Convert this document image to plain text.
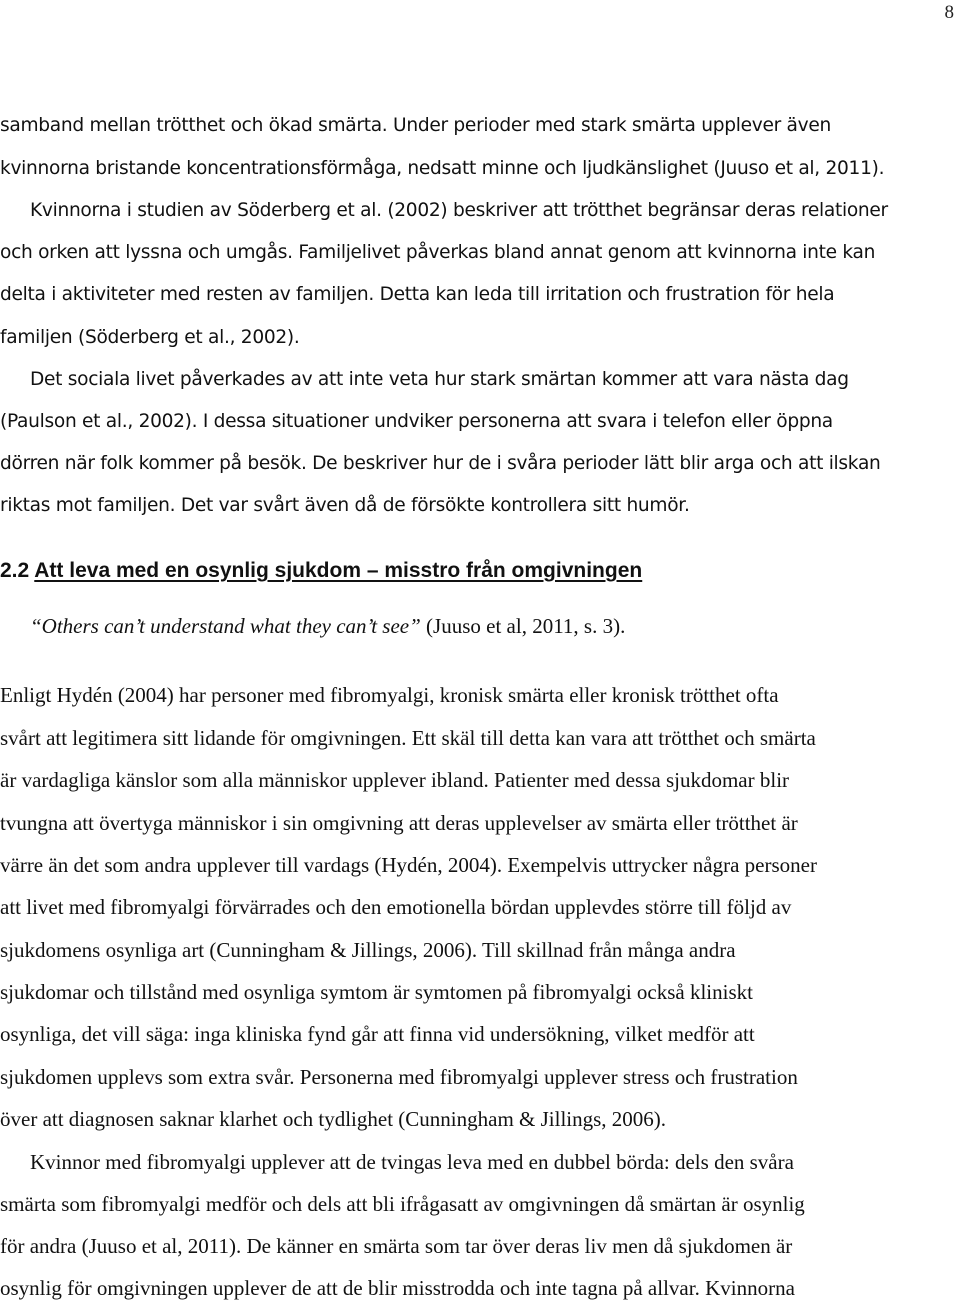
8
samband mellan trötthet och ökad smärta. Under perioder med stark smärta upplever även
kvinnorna bristande koncentrationsförmåga, nedsatt minne och ljudkänslighet (Juuso et al, 2011).
Kvinnorna i studien av Söderberg et al. (2002) beskriver att trötthet begränsar deras relationer
och orken att lyssna och umgås. Familjelivet påverkas bland annat genom att kvinnorna inte kan
delta i aktiviteter med resten av familjen. Detta kan leda till irritation och frustration för hela
familjen (Söderberg et al., 2002).
Det sociala livet påverkades av att inte veta hur stark smärtan kommer att vara nästa dag
(Paulson et al., 2002). I dessa situationer undviker personerna att svara i telefon eller öppna
dörren när folk kommer på besök. De beskriver hur de i svåra perioder lätt blir arga och att ilskan
riktas mot familjen. Det var svårt även då de försökte kontrollera sitt humör.
2.2 Att leva med en osynlig sjukdom – misstro från omgivningen
“Others can’t understand what they can’t see” (Juuso et al, 2011, s. 3).
Enligt Hydén (2004) har personer med fibromyalgi, kronisk smärta eller kronisk trötthet ofta
svårt att legitimera sitt lidande för omgivningen. Ett skäl till detta kan vara att trötthet och smärta
är vardagliga känslor som alla människor upplever ibland. Patienter med dessa sjukdomar blir
tvungna att övertyga människor i sin omgivning att deras upplevelser av smärta eller trötthet är
värre än det som andra upplever till vardags (Hydén, 2004). Exempelvis uttrycker några personer
att livet med fibromyalgi förvärrades och den emotionella bördan upplevdes större till följd av
sjukdomens osynliga art (Cunningham & Jillings, 2006). Till skillnad från många andra
sjukdomar och tillstånd med osynliga symtom är symtomen på fibromyalgi också kliniskt
osynliga, det vill säga: inga kliniska fynd går att finna vid undersökning, vilket medför att
sjukdomen upplevs som extra svår. Personerna med fibromyalgi upplever stress och frustration
över att diagnosen saknar klarhet och tydlighet (Cunningham & Jillings, 2006).
Kvinnor med fibromyalgi upplever att de tvingas leva med en dubbel börda: dels den svåra
smärta som fibromyalgi medför och dels att bli ifrågasatt av omgivningen då smärtan är osynlig
för andra (Juuso et al, 2011). De känner en smärta som tar över deras liv men då sjukdomen är
osynlig för omgivningen upplever de att de blir misstrodda och inte tagna på allvar. Kvinnorna
